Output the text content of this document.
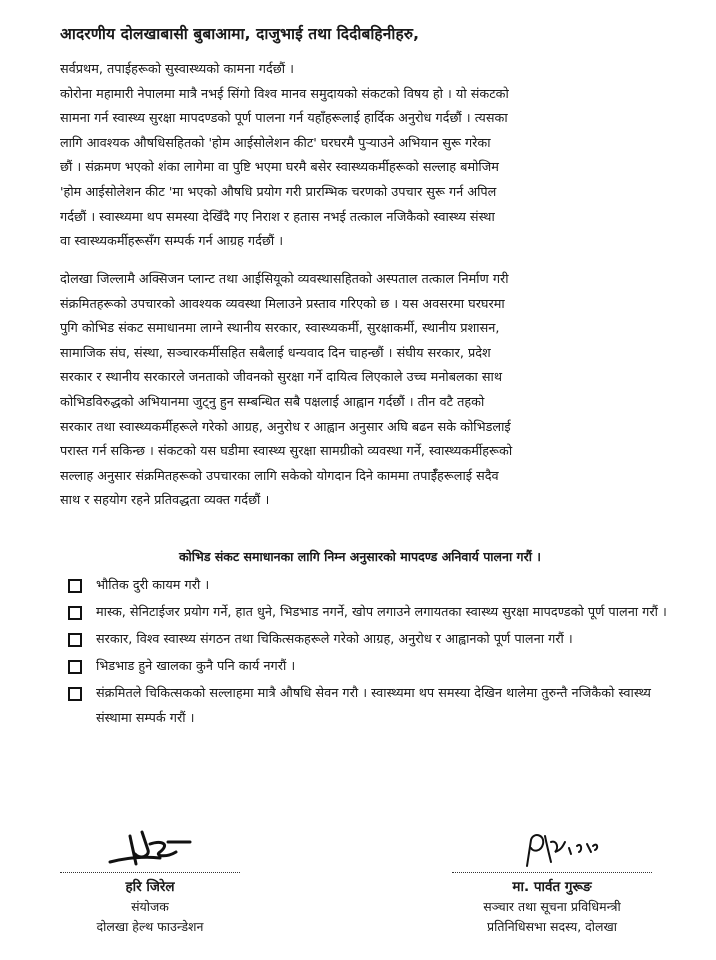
आदरणीय दोलखाबासी बुबाआमा, दाजुभाई तथा दिदीबहिनीहरु,
सर्वप्रथम, तपाईहरूको सुस्वास्थ्यको कामना गर्दछौं ।
कोरोना महामारी नेपालमा मात्रै नभई सिंगो विश्व मानव समुदायको संकटको विषय हो । यो संकटको
सामना गर्न स्वास्थ्य सुरक्षा मापदण्डको पूर्ण पालना गर्न यहाँहरूलाई हार्दिक अनुरोध गर्दछौं । त्यसका
लागि आवश्यक औषधिसहितको 'होम आईसोलेशन कीट' घरघरमै पुऱ्याउने अभियान सुरू गरेका
छौं । संक्रमण भएको शंका लागेमा वा पुष्टि भएमा घरमै बसेर स्वास्थ्यकर्मीहरूको सल्लाह बमोजिम
'होम आईसोलेशन कीट 'मा भएको औषधि प्रयोग गरी प्रारम्भिक चरणको उपचार सुरू गर्न अपिल
गर्दछौं । स्वास्थ्यमा थप समस्या देखिँदै गए निराश र हतास नभई तत्काल नजिकैको स्वास्थ्य संस्था
वा स्वास्थ्यकर्मीहरूसँग सम्पर्क गर्न आग्रह गर्दछौं ।
दोलखा जिल्लामै अक्सिजन प्लान्ट तथा आईसियूको व्यवस्थासहितको अस्पताल तत्काल निर्माण गरी
संक्रमितहरूको उपचारको आवश्यक व्यवस्था मिलाउने प्रस्ताव गरिएको छ । यस अवसरमा घरघरमा
पुगि कोभिड संकट समाधानमा लाग्ने स्थानीय सरकार, स्वास्थ्यकर्मी, सुरक्षाकर्मी, स्थानीय प्रशासन,
सामाजिक संघ, संस्था, सञ्चारकर्मीसहित सबैलाई धन्यवाद दिन चाहन्छौं । संघीय सरकार, प्रदेश
सरकार र स्थानीय सरकारले जनताको जीवनको सुरक्षा गर्ने दायित्व लिएकाले उच्च मनोबलका साथ
कोभिडविरुद्धको अभियानमा जुट्नु हुन सम्बन्धित सबै पक्षलाई आह्वान गर्दछौं । तीन वटै तहको
सरकार तथा स्वास्थ्यकर्मीहरूले गरेको आग्रह, अनुरोध र आह्वान अनुसार अघि बढन सके कोभिडलाई
परास्त गर्न सकिन्छ । संकटको यस घडीमा स्वास्थ्य सुरक्षा सामग्रीको व्यवस्था गर्ने, स्वास्थ्यकर्मीहरूको
सल्लाह अनुसार संक्रमितहरूको उपचारका लागि सकेको योगदान दिने काममा तपाईँहरूलाई सदैव
साथ र सहयोग रहने प्रतिवद्धता व्यक्त गर्दछौं ।
कोभिड संकट समाधानका लागि निम्न अनुसारको मापदण्ड अनिवार्य पालना गरौं ।
भौतिक दुरी कायम गरौ ।
मास्क, सेनिटाईजर प्रयोग गर्ने, हात धुने, भिडभाड नगर्ने, खोप लगाउने लगायतका स्वास्थ्य सुरक्षा मापदण्डको पूर्ण पालना गरौं ।
सरकार, विश्व स्वास्थ्य संगठन तथा चिकित्सकहरूले गरेको आग्रह, अनुरोध र आह्वानको पूर्ण पालना गरौं ।
भिडभाड हुने खालका कुनै पनि कार्य नगरौं ।
संक्रमितले चिकित्सकको सल्लाहमा मात्रै औषधि सेवन गरौ । स्वास्थ्यमा थप समस्या देखिन थालेमा तुरुन्तै नजिकैको स्वास्थ्य संस्थामा सम्पर्क गरौं ।
हरि जिरेल
संयोजक
दोलखा हेल्थ फाउन्डेशन
मा. पार्वत गुरूङ
सञ्चार तथा सूचना प्रविधिमन्त्री
प्रतिनिधिसभा सदस्य, दोलखा
